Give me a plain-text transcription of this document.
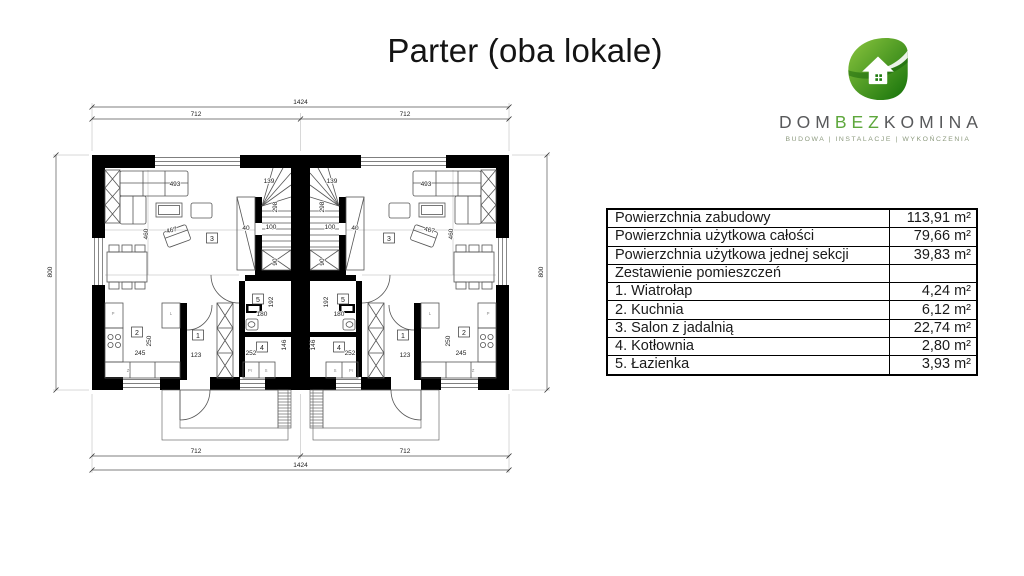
Parter (oba lokale)
DOMBEZKOMINA
BUDOWA | INSTALACJE | WYKOŃCZENIA
1424
712	712
712	712
1424
800	800
3	3
2	2
1	1
4	4
5	5
493
467
460
245
250
123	252
146
180
192
139
298
100
40
90
P	L
Z	Pr	S
493
467 460
245
250
123
252
146
180
192
139
298
100 40
90
P
L
Z
Pr
S
Powierzchnia zabudowy	113,91 m²
Powierzchnia użytkowa całości	79,66 m²
Powierzchnia użytkowa jednej sekcji	39,83 m²
Zestawienie pomieszczeń	
1. Wiatrołap	4,24 m²
2. Kuchnia	6,12 m²
3. Salon z jadalnią	22,74 m²
4. Kotłownia	2,80 m²
5. Łazienka	3,93 m²
